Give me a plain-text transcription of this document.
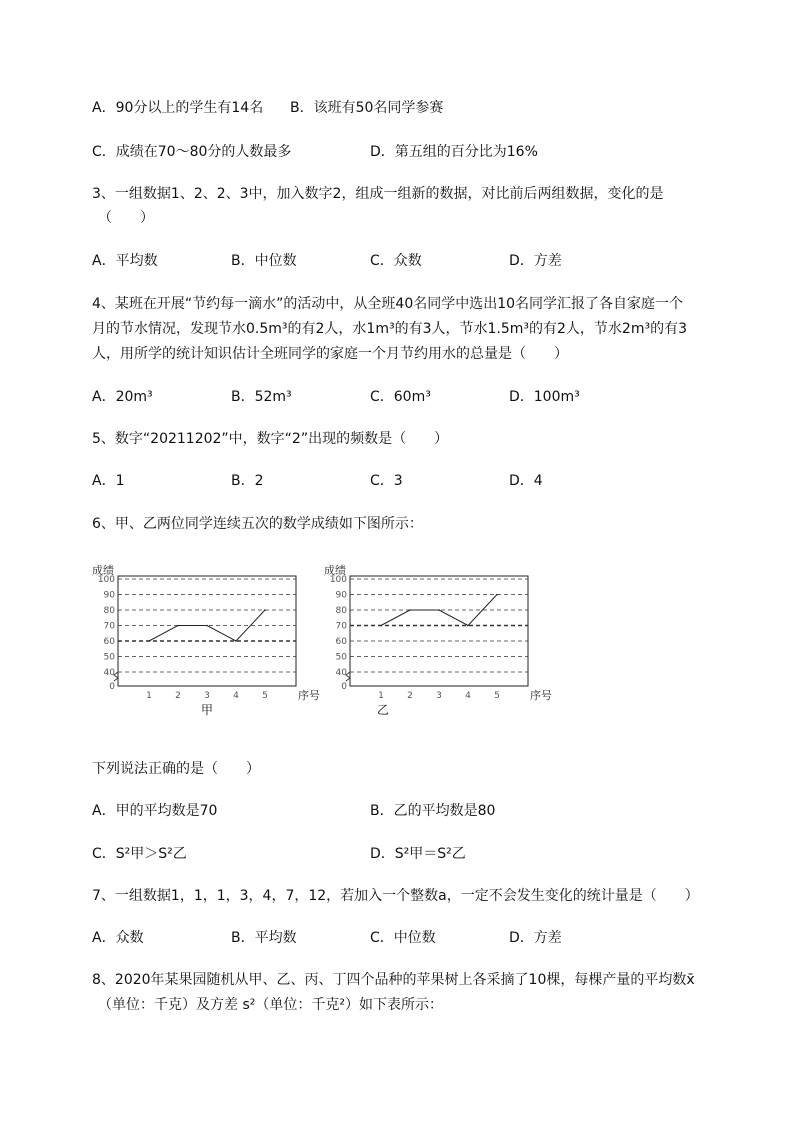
A．90分以上的学生有14名 B．该班有50名同学参赛
C．成绩在70～80分的人数最多	D．第五组的百分比为16%
3、一组数据1、2、2、3中，加入数字2，组成一组新的数据，对比前后两组数据，变化的是
（　　）
A．平均数	B．中位数	C．众数	D．方差
4、某班在开展“节约每一滴水”的活动中，从全班40名同学中选出10名同学汇报了各自家庭一个
月的节水情况，发现节水0.5m³的有2人，水1m³的有3人，节水1.5m³的有2人，节水2m³的有3
人，用所学的统计知识估计全班同学的家庭一个月节约用水的总量是（　　）
A．20m³	B．52m³	C．60m³	D．100m³
5、数字“20211202”中，数字“2”出现的频数是（　　）
A．1	B．2	C．3	D．4
6、甲、乙两位同学连续五次的数学成绩如下图所示：
40
50
60
70
80
90
100
0
成绩
序号
1	2	3	4	5
甲
40
50
60
70
80
90
100
0
成绩
序号
1	2	3	4	5
乙
下列说法正确的是（　　）
A．甲的平均数是70	B．乙的平均数是80
C．S²甲＞S²乙	D．S²甲＝S²乙
7、一组数据1，1，1，3，4，7，12，若加入一个整数a，一定不会发生变化的统计量是（　　）
A．众数	B．平均数	C．中位数	D．方差
8、2020年某果园随机从甲、乙、丙、丁四个品种的苹果树上各采摘了10棵，每棵产量的平均数x̄
（单位：千克）及方差 s²（单位：千克²）如下表所示：
